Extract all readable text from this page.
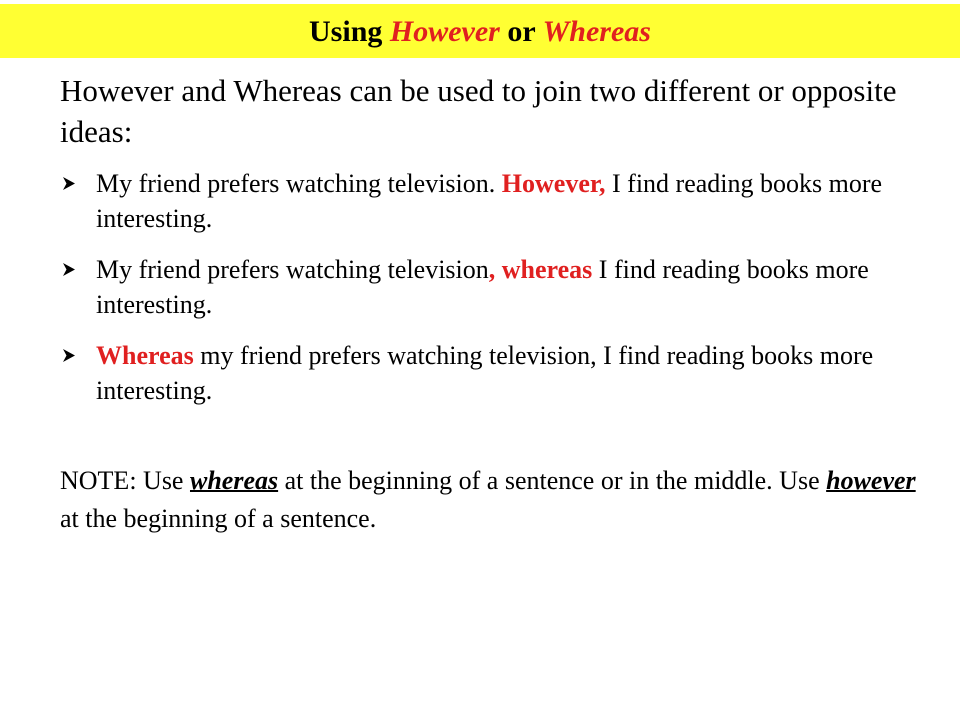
Using However or Whereas

However and Whereas can be used to join two different or opposite ideas:

My friend prefers watching television. However, I find reading books more interesting.
My friend prefers watching television, whereas I find reading books more interesting.
Whereas my friend prefers watching television, I find reading books more interesting.

NOTE: Use whereas at the beginning of a sentence or in the middle. Use however at the beginning of a sentence.
